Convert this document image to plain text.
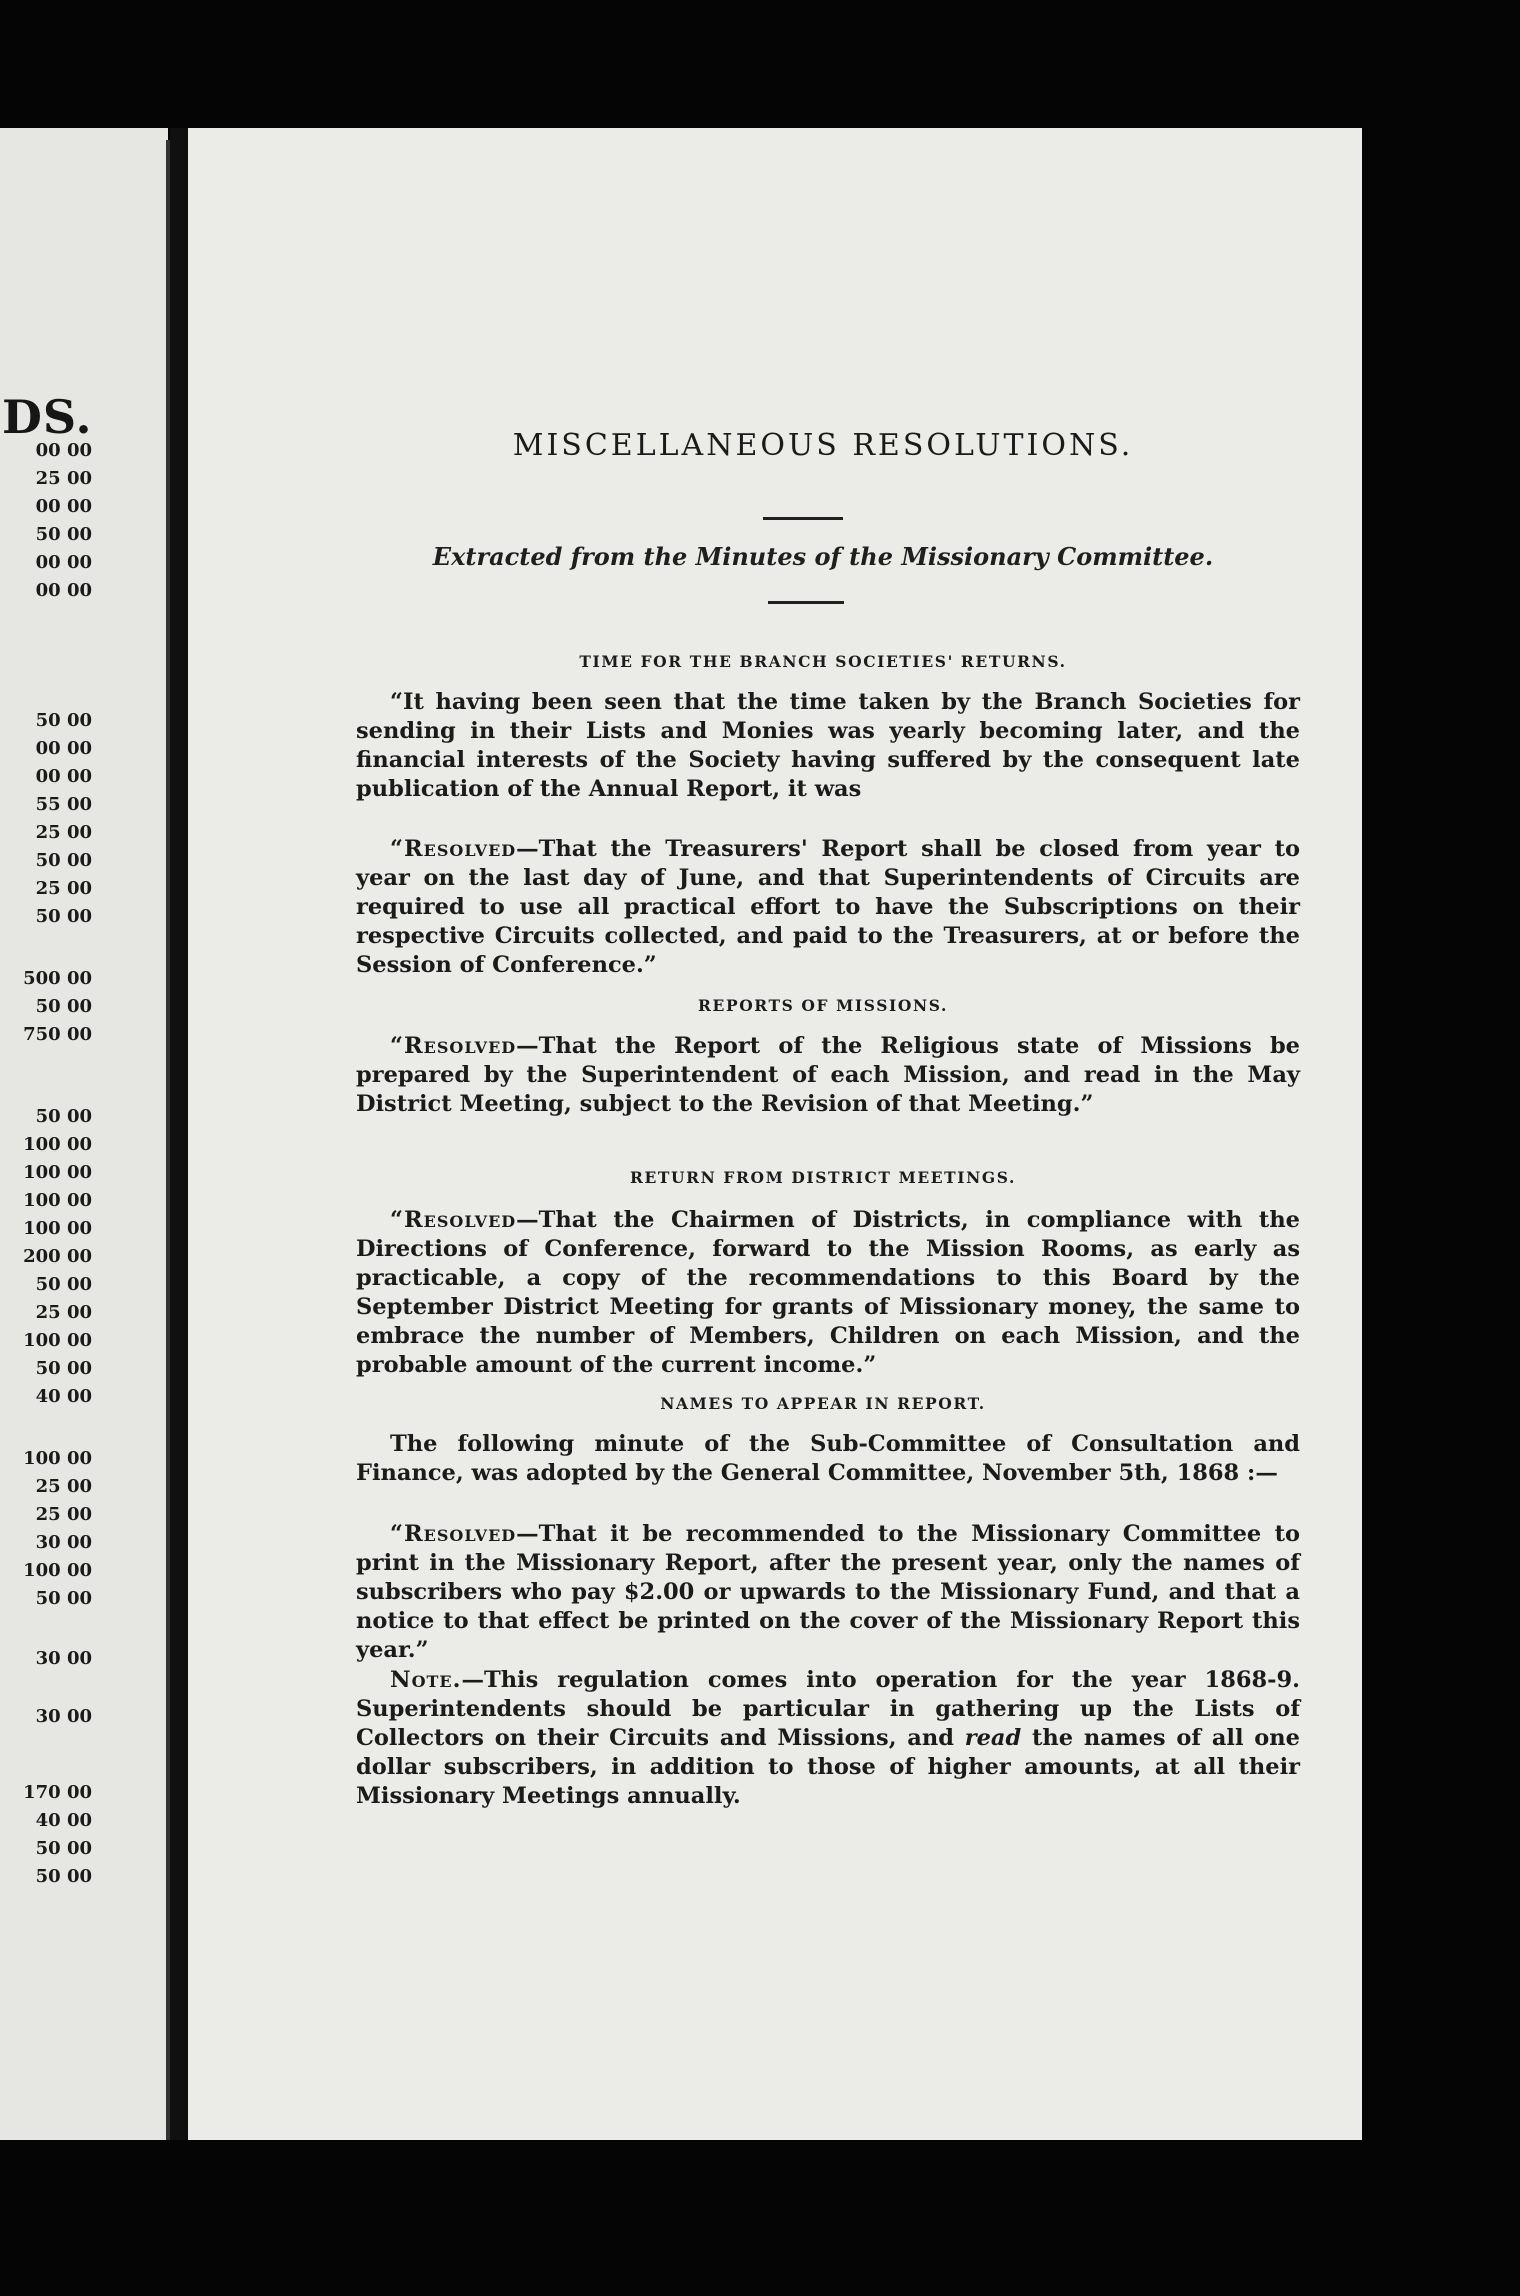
DS.
00 00
25 00
00 00
50 00
00 00
00 00
50 00
00 00
00 00
55 00
25 00
50 00
25 00
50 00
500 00
50 00
750 00
50 00
100 00
100 00
100 00
100 00
200 00
50 00
25 00
100 00
50 00
40 00
100 00
25 00
25 00
30 00
100 00
50 00
30 00
30 00
170 00
40 00
50 00
50 00
MISCELLANEOUS RESOLUTIONS.
Extracted from the Minutes of the Missionary Committee.
TIME FOR THE BRANCH SOCIETIES' RETURNS.
“It having been seen that the time taken by the Branch Societies for sending in their Lists and Monies was yearly becoming later, and the financial interests of the Society having suffered by the consequent late publication of the Annual Report, it was
“Resolved—That the Treasurers' Report shall be closed from year to year on the last day of June, and that Superintendents of Circuits are required to use all practical effort to have the Subscriptions on their respective Circuits collected, and paid to the Treasurers, at or before the Session of Conference.”
REPORTS OF MISSIONS.
“Resolved—That the Report of the Religious state of Missions be prepared by the Superintendent of each Mission, and read in the May District Meeting, subject to the Revision of that Meeting.”
RETURN FROM DISTRICT MEETINGS.
“Resolved—That the Chairmen of Districts, in compliance with the Directions of Conference, forward to the Mission Rooms, as early as practicable, a copy of the recommendations to this Board by the September District Meeting for grants of Missionary money, the same to embrace the number of Members, Children on each Mission, and the probable amount of the current income.”
NAMES TO APPEAR IN REPORT.
The following minute of the Sub-Committee of Consultation and Finance, was adopted by the General Committee, November 5th, 1868 :—
“Resolved—That it be recommended to the Missionary Committee to print in the Missionary Report, after the present year, only the names of subscribers who pay $2.00 or upwards to the Missionary Fund, and that a notice to that effect be printed on the cover of the Missionary Report this year.”
Note.—This regulation comes into operation for the year 1868-9. Superintendents should be particular in gathering up the Lists of Collectors on their Circuits and Missions, and read the names of all one dollar subscribers, in addition to those of higher amounts, at all their Missionary Meetings annually.
